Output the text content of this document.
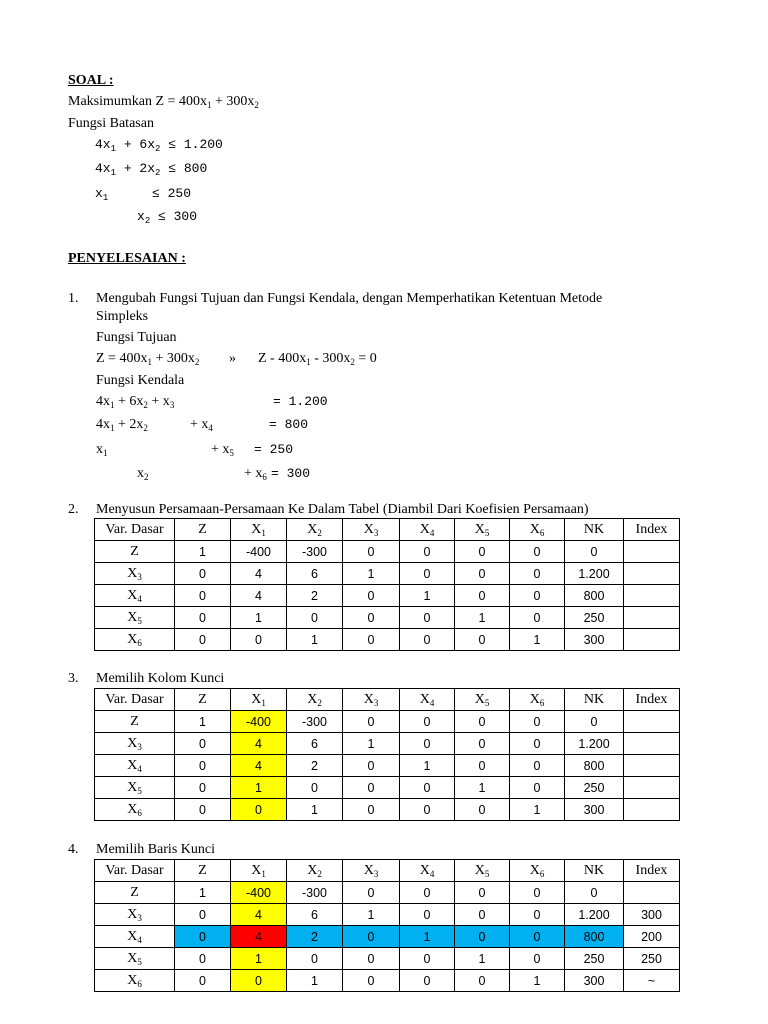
SOAL :
Maksimumkan $Z = 400x_1 + 300x_2$
Fungsi Batasan
$4x_1 + 6x_2 \le 1.200$
$4x_1 + 2x_2 \le 800$
$x_1$	≤ 250
$x_2 \le 300$
PENYELESAIAN :
1. Mengubah Fungsi Tujuan dan Fungsi Kendala, dengan Memperhatikan Ketentuan Metode
Simpleks
Fungsi Tujuan
$Z = 400x_1 + 300x_2$ » $Z - 400x_1 - 300x_2 = 0$
Fungsi Kendala
$4x_1 + 6x_2 + x_3$	= 1.200
$4x_1 + 2x_2$	+ $x_4$	= 800
$x_1$	+ $x_5 = 250$
$x_2$	+ $x_6 = 300$
2. Menyusun Persamaan-Persamaan Ke Dalam Tabel (Diambil Dari Koefisien Persamaan)
Var. Dasar	Z	$X_1$	$X_2$	$X_3$	$X_4$	$X_5$	$X_6$	NK	Index
Z	1	-400	-300	0	0	0	0	0	
$X_3$	0	4	6	1	0	0	0	1.200	
$X_4$	0	4	2	0	1	0	0	800	
$X_5$	0	1	0	0	0	1	0	250	
$X_6$	0	0	1	0	0	0	1	300	
3. Memilih Kolom Kunci
Var. Dasar	Z	$X_1$	$X_2$	$X_3$	$X_4$	$X_5$	$X_6$	NK	Index
Z	1	-400	-300	0	0	0	0	0	
$X_3$	0	4	6	1	0	0	0	1.200	
$X_4$	0	4	2	0	1	0	0	800	
$X_5$	0	1	0	0	0	1	0	250	
$X_6$	0	0	1	0	0	0	1	300	
4. Memilih Baris Kunci
Var. Dasar	Z	$X_1$	$X_2$	$X_3$	$X_4$	$X_5$	$X_6$	NK	Index
Z	1	-400	-300	0	0	0	0	0	
$X_3$	0	4	6	1	0	0	0	1.200	300
$X_4$	0	4	2	0	1	0	0	800	200
$X_5$	0	1	0	0	0	1	0	250	250
$X_6$	0	0	1	0	0	0	1	300	~
